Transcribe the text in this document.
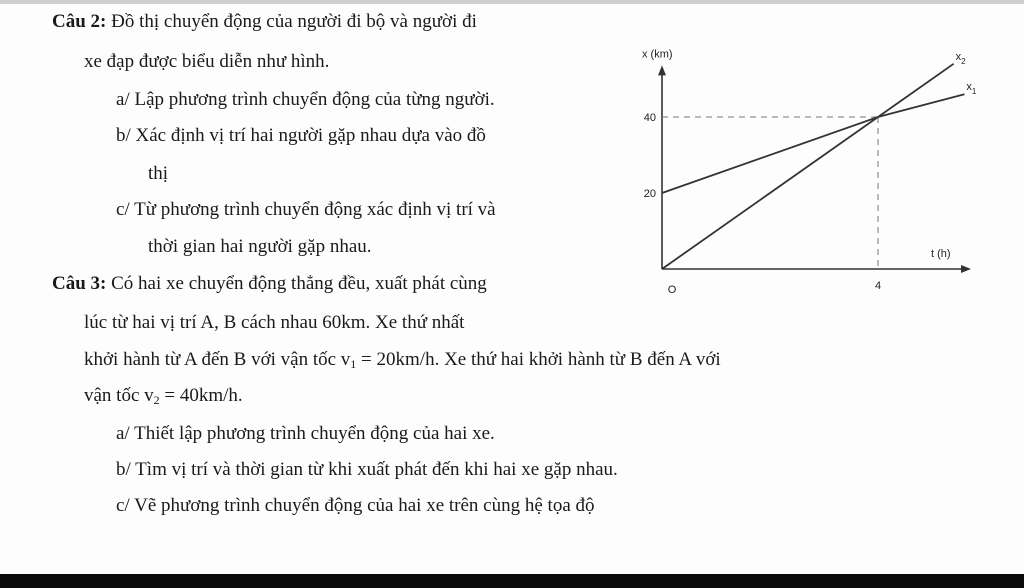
Câu 2: Đồ thị chuyển động của người đi bộ và người đi
xe đạp được biểu diễn như hình.
a/ Lập phương trình chuyển động của từng người.
b/ Xác định vị trí hai người gặp nhau dựa vào đồ
thị
c/ Từ phương trình chuyển động xác định vị trí và
thời gian hai người gặp nhau.
Câu 3: Có hai xe chuyển động thẳng đều, xuất phát cùng
lúc từ hai vị trí A, B cách nhau 60km. Xe thứ nhất
khởi hành từ A đến B với vận tốc $v_1 = 20km/h$. Xe thứ hai khởi hành từ B đến A với
vận tốc $v_2 = 40km/h$.
a/ Thiết lập phương trình chuyển động của hai xe.
b/ Tìm vị trí và thời gian từ khi xuất phát đến khi hai xe gặp nhau.
c/ Vẽ phương trình chuyển động của hai xe trên cùng hệ tọa độ
$x_1$
$x_2$
20
40
4
O
x (km)
t (h)
